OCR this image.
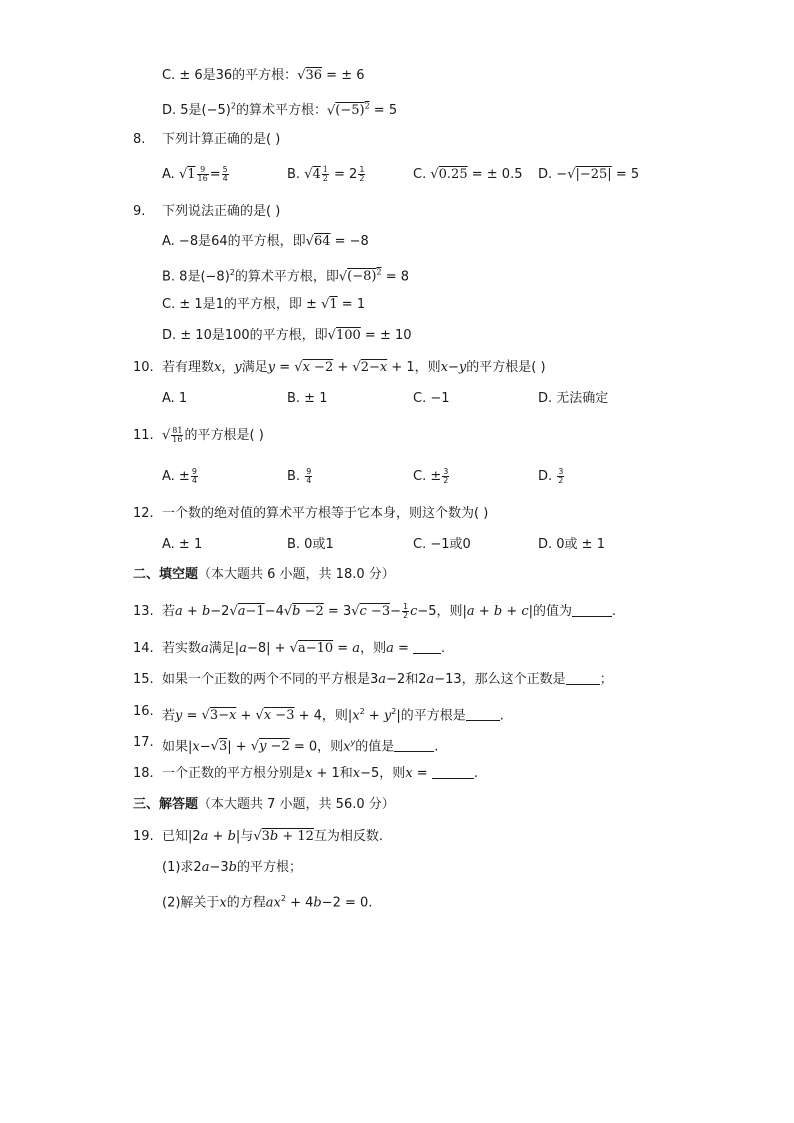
C. ± 6是36的平方根：√36 = ± 6
D. 5是$(-5)^2$的算术平方根：$√(-5)^2 = 5$
8. 下列计算正确的是( )
A. $√1 \frac{9}{16} = \frac{5}{4}$	B. $√4 \frac{1}{2} = 2 \frac{1}{2}$	C. √0.25 = ± 0.5 D. −√|−25| = 5
9. 下列说法正确的是( )
A. −8是64的平方根，即√64 = −8
B. 8是$(-8)^2$的算术平方根，即$√(-8)^2 = 8$
C. ± 1是1的平方根，即 ± √1 = 1
D. ± 10是100的平方根，即√100 = ± 10
10. 若有理数x，y满足y = √x −2 + √2−x + 1，则x−y的平方根是( )
A. 1	B. ± 1	C. −1	D. 无法确定
11. √ $\frac{81}{16}$ 的平方根是( )
A. ± $\frac{9}{4}$	B. $\frac{9}{4}$	C. ± $\frac{3}{2}$	D. $\frac{3}{2}$
12. 一个数的绝对值的算术平方根等于它本身，则这个数为( )
A. ± 1	B. 0或1	C. −1或0	D. 0或 ± 1
二、填空题（本大题共 6 小题，共 18.0 分）
13. 若$a + b-2√a-1-4√b -2 = 3√c -3- \frac{1}{2} c-5$，则|a + b + c|的值为	.
14. 若实数a满足|a−8| + √a−10 = a，则a = .
15. 如果一个正数的两个不同的平方根是3a−2和2a−13，那么这个正数是	；
16. 若y = √3−x + √x −3 + 4，则$|x^2 + y^2|$的平方根是	.
17. 如果|x−√3| + √y −2 = 0，则$x^y$的值是	.
18. 一个正数的平方根分别是x + 1和x−5，则x =	.
三、解答题（本大题共 7 小题，共 56.0 分）
19. 已知|2a + b|与√3b + 12互为相反数.
(1)求2a−3b的平方根；
(2)解关于x的方程$ax^2 + 4b-2 = 0$.
